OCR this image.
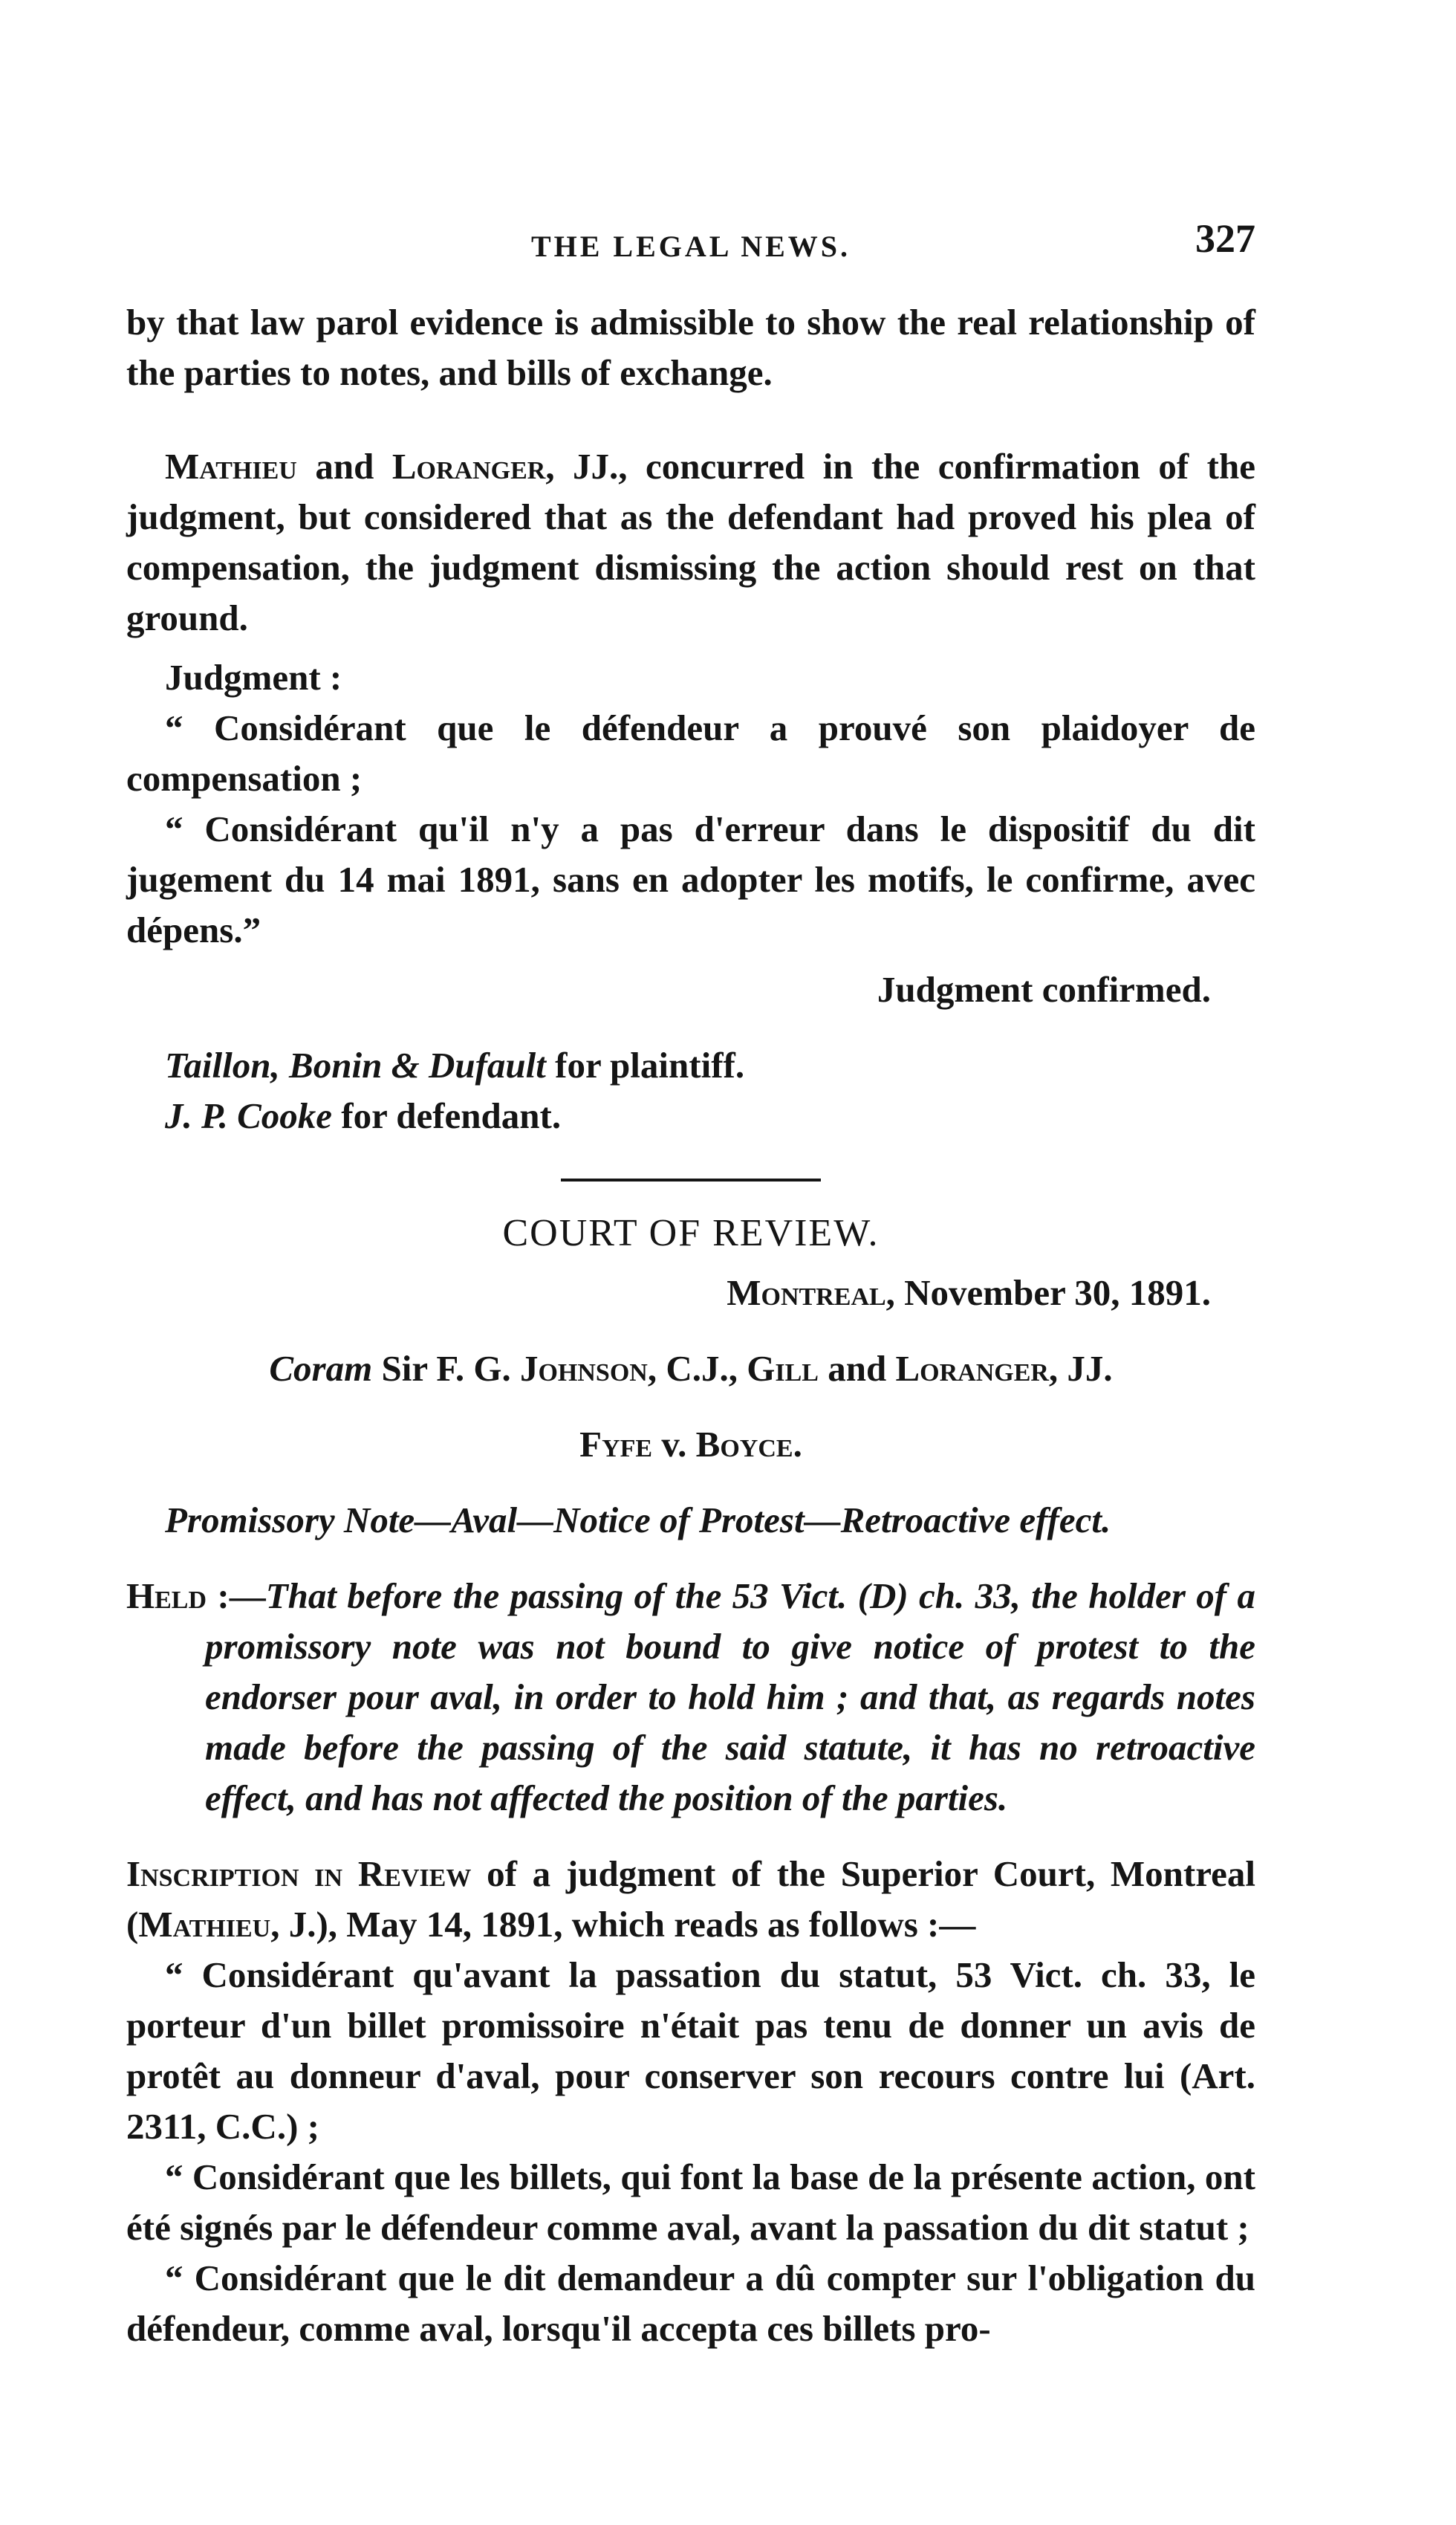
THE LEGAL NEWS.	327

by that law parol evidence is admissible to show the real relationship of the parties to notes, and bills of exchange.

Mathieu and Loranger, JJ., concurred in the confirmation of the judgment, but considered that as the defendant had proved his plea of compensation, the judgment dismissing the action should rest on that ground.

Judgment :

“ Considérant que le défendeur a prouvé son plaidoyer de compensation ;

“ Considérant qu'il n'y a pas d'erreur dans le dispositif du dit jugement du 14 mai 1891, sans en adopter les motifs, le confirme, avec dépens.”

Judgment confirmed.

Taillon, Bonin & Dufault for plaintiff.

J. P. Cooke for defendant.

COURT OF REVIEW.

Montreal, November 30, 1891.

Coram Sir F. G. Johnson, C.J., Gill and Loranger, JJ.

Fyfe v. Boyce.

Promissory Note—Aval—Notice of Protest—Retroactive effect.

Held :—That before the passing of the 53 Vict. (D) ch. 33, the holder of a promissory note was not bound to give notice of protest to the endorser pour aval, in order to hold him ; and that, as regards notes made before the passing of the said statute, it has no retroactive effect, and has not affected the position of the parties.

Inscription in Review of a judgment of the Superior Court, Montreal (Mathieu, J.), May 14, 1891, which reads as follows :—

“ Considérant qu'avant la passation du statut, 53 Vict. ch. 33, le porteur d'un billet promissoire n'était pas tenu de donner un avis de protêt au donneur d'aval, pour conserver son recours contre lui (Art. 2311, C.C.) ;

“ Considérant que les billets, qui font la base de la présente action, ont été signés par le défendeur comme aval, avant la passation du dit statut ;

“ Considérant que le dit demandeur a dû compter sur l'obligation du défendeur, comme aval, lorsqu'il accepta ces billets pro-
